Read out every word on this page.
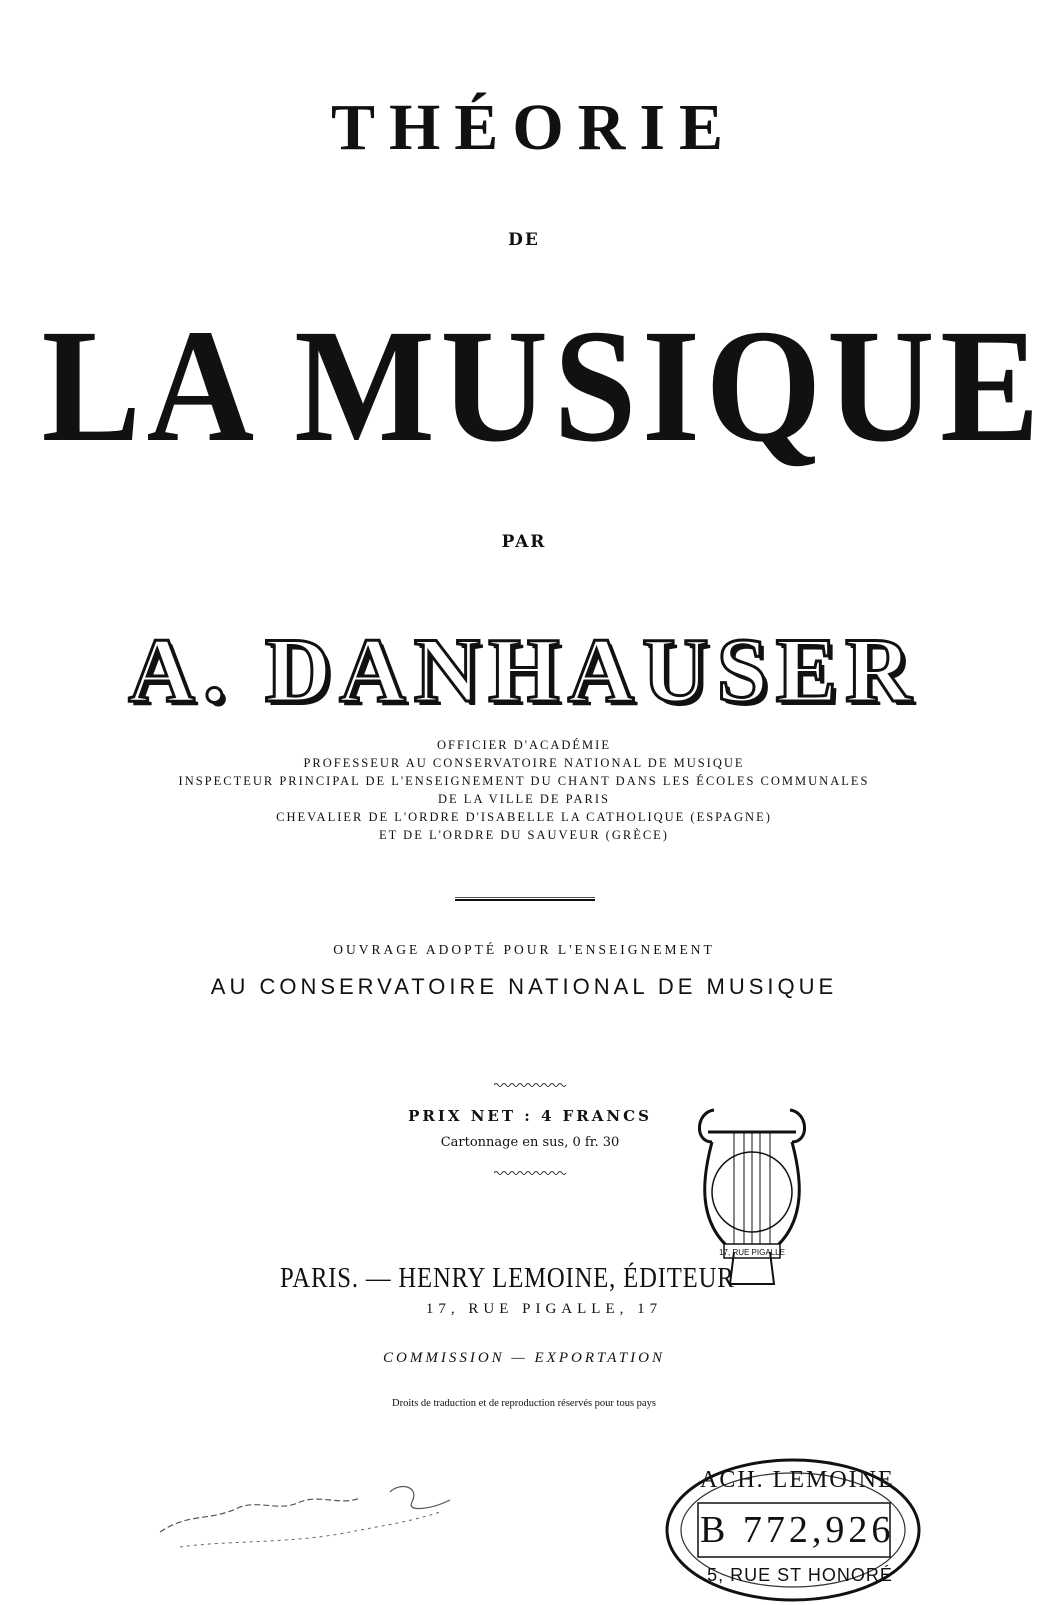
THÉORIE
DE
LA MUSIQUE
PAR
A. DANHAUSER
OFFICIER D'ACADÉMIE
PROFESSEUR AU CONSERVATOIRE NATIONAL DE MUSIQUE
INSPECTEUR PRINCIPAL DE L'ENSEIGNEMENT DU CHANT DANS LES ÉCOLES COMMUNALES
DE LA VILLE DE PARIS
CHEVALIER DE L'ORDRE D'ISABELLE LA CATHOLIQUE (ESPAGNE)
ET DE L'ORDRE DU SAUVEUR (GRÈCE)
OUVRAGE ADOPTÉ POUR L'ENSEIGNEMENT
AU CONSERVATOIRE NATIONAL DE MUSIQUE
PRIX NET : 4 FRANCS
Cartonnage en sus, 0 fr. 30
17, RUE PIGALLE
PARIS. — HENRY LEMOINE, ÉDITEUR
17, RUE PIGALLE, 17
COMMISSION — EXPORTATION
Droits de traduction et de reproduction réservés pour tous pays
ACH. LEMOINE
B 772,926
5, RUE ST HONORÉ
